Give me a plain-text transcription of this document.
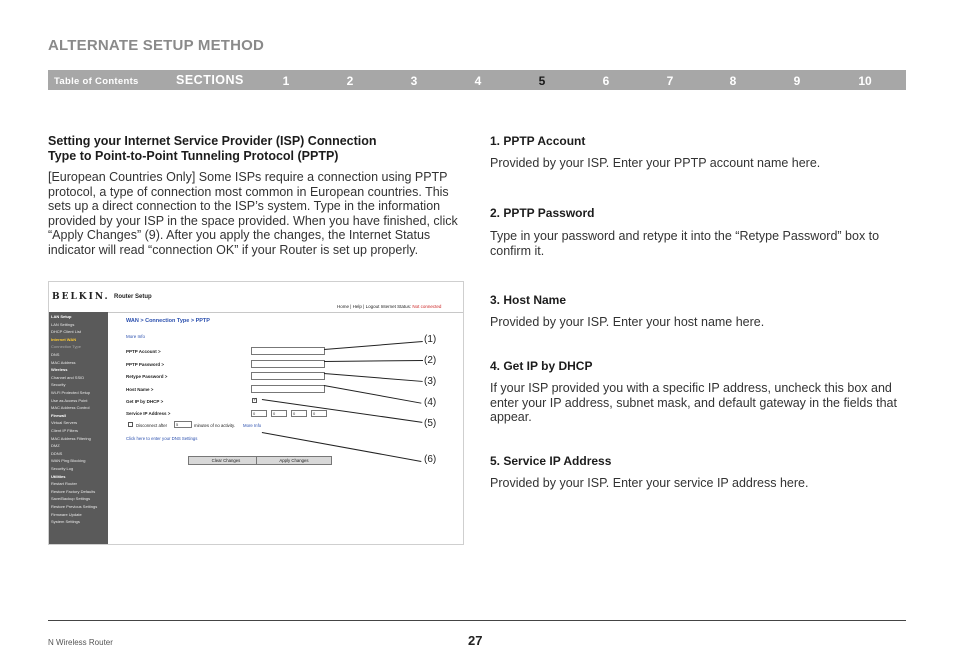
ALTERNATE SETUP METHOD
Table of Contents	SECTIONS	1	2	3	4	5	6	7	8	9	10
Setting your Internet Service Provider (ISP) Connection
Type to Point-to-Point Tunneling Protocol (PPTP)
[European Countries Only] Some ISPs require a connection using PPTP protocol, a type of connection most common in European countries. This sets up a direct connection to the ISP’s system. Type in the information provided by your ISP in the space provided. When you have finished, click “Apply Changes” (9). After you apply the changes, the Internet Status indicator will read “connection OK” if your Router is set up properly.
BELKIN. Router Setup
Home | Help | Logout Internet Status: Not connected
LAN Setup
LAN Settings
DHCP Client List
Internet WAN
Connection Type
DNS
MAC Address
Wireless
Channel and SSID
Security
Wi-Fi Protected Setup
Use as Access Point
MAC Address Control
Firewall
Virtual Servers
Client IP Filters
MAC Address Filtering
DMZ
DDNS
WAN Ping Blocking
Security Log
Utilities
Restart Router
Restore Factory Defaults
Save/Backup Settings
Restore Previous Settings
Firmware Update
System Settings
WAN > Connection Type > PPTP
More Info
PPTP Account >
PPTP Password >
Retype Password >
Host Name >
Get IP by DHCP >	✓
Service IP Address >	0	0	0	0
Disconnect after	5	minutes of no activity. More Info
Click here to enter your DNS Settings
Clear Changes	Apply Changes
(1)
(2)
(3)
(4)
(5)
(6)
1. PPTP Account
Provided by your ISP. Enter your PPTP account name here.
2. PPTP Password
Type in your password and retype it into the “Retype Password” box to confirm it.
3. Host Name
Provided by your ISP. Enter your host name here.
4. Get IP by DHCP
If your ISP provided you with a specific IP address, uncheck this box and enter your IP address, subnet mask, and default gateway in the fields that appear.
5. Service IP Address
Provided by your ISP. Enter your service IP address here.
N Wireless Router	27
